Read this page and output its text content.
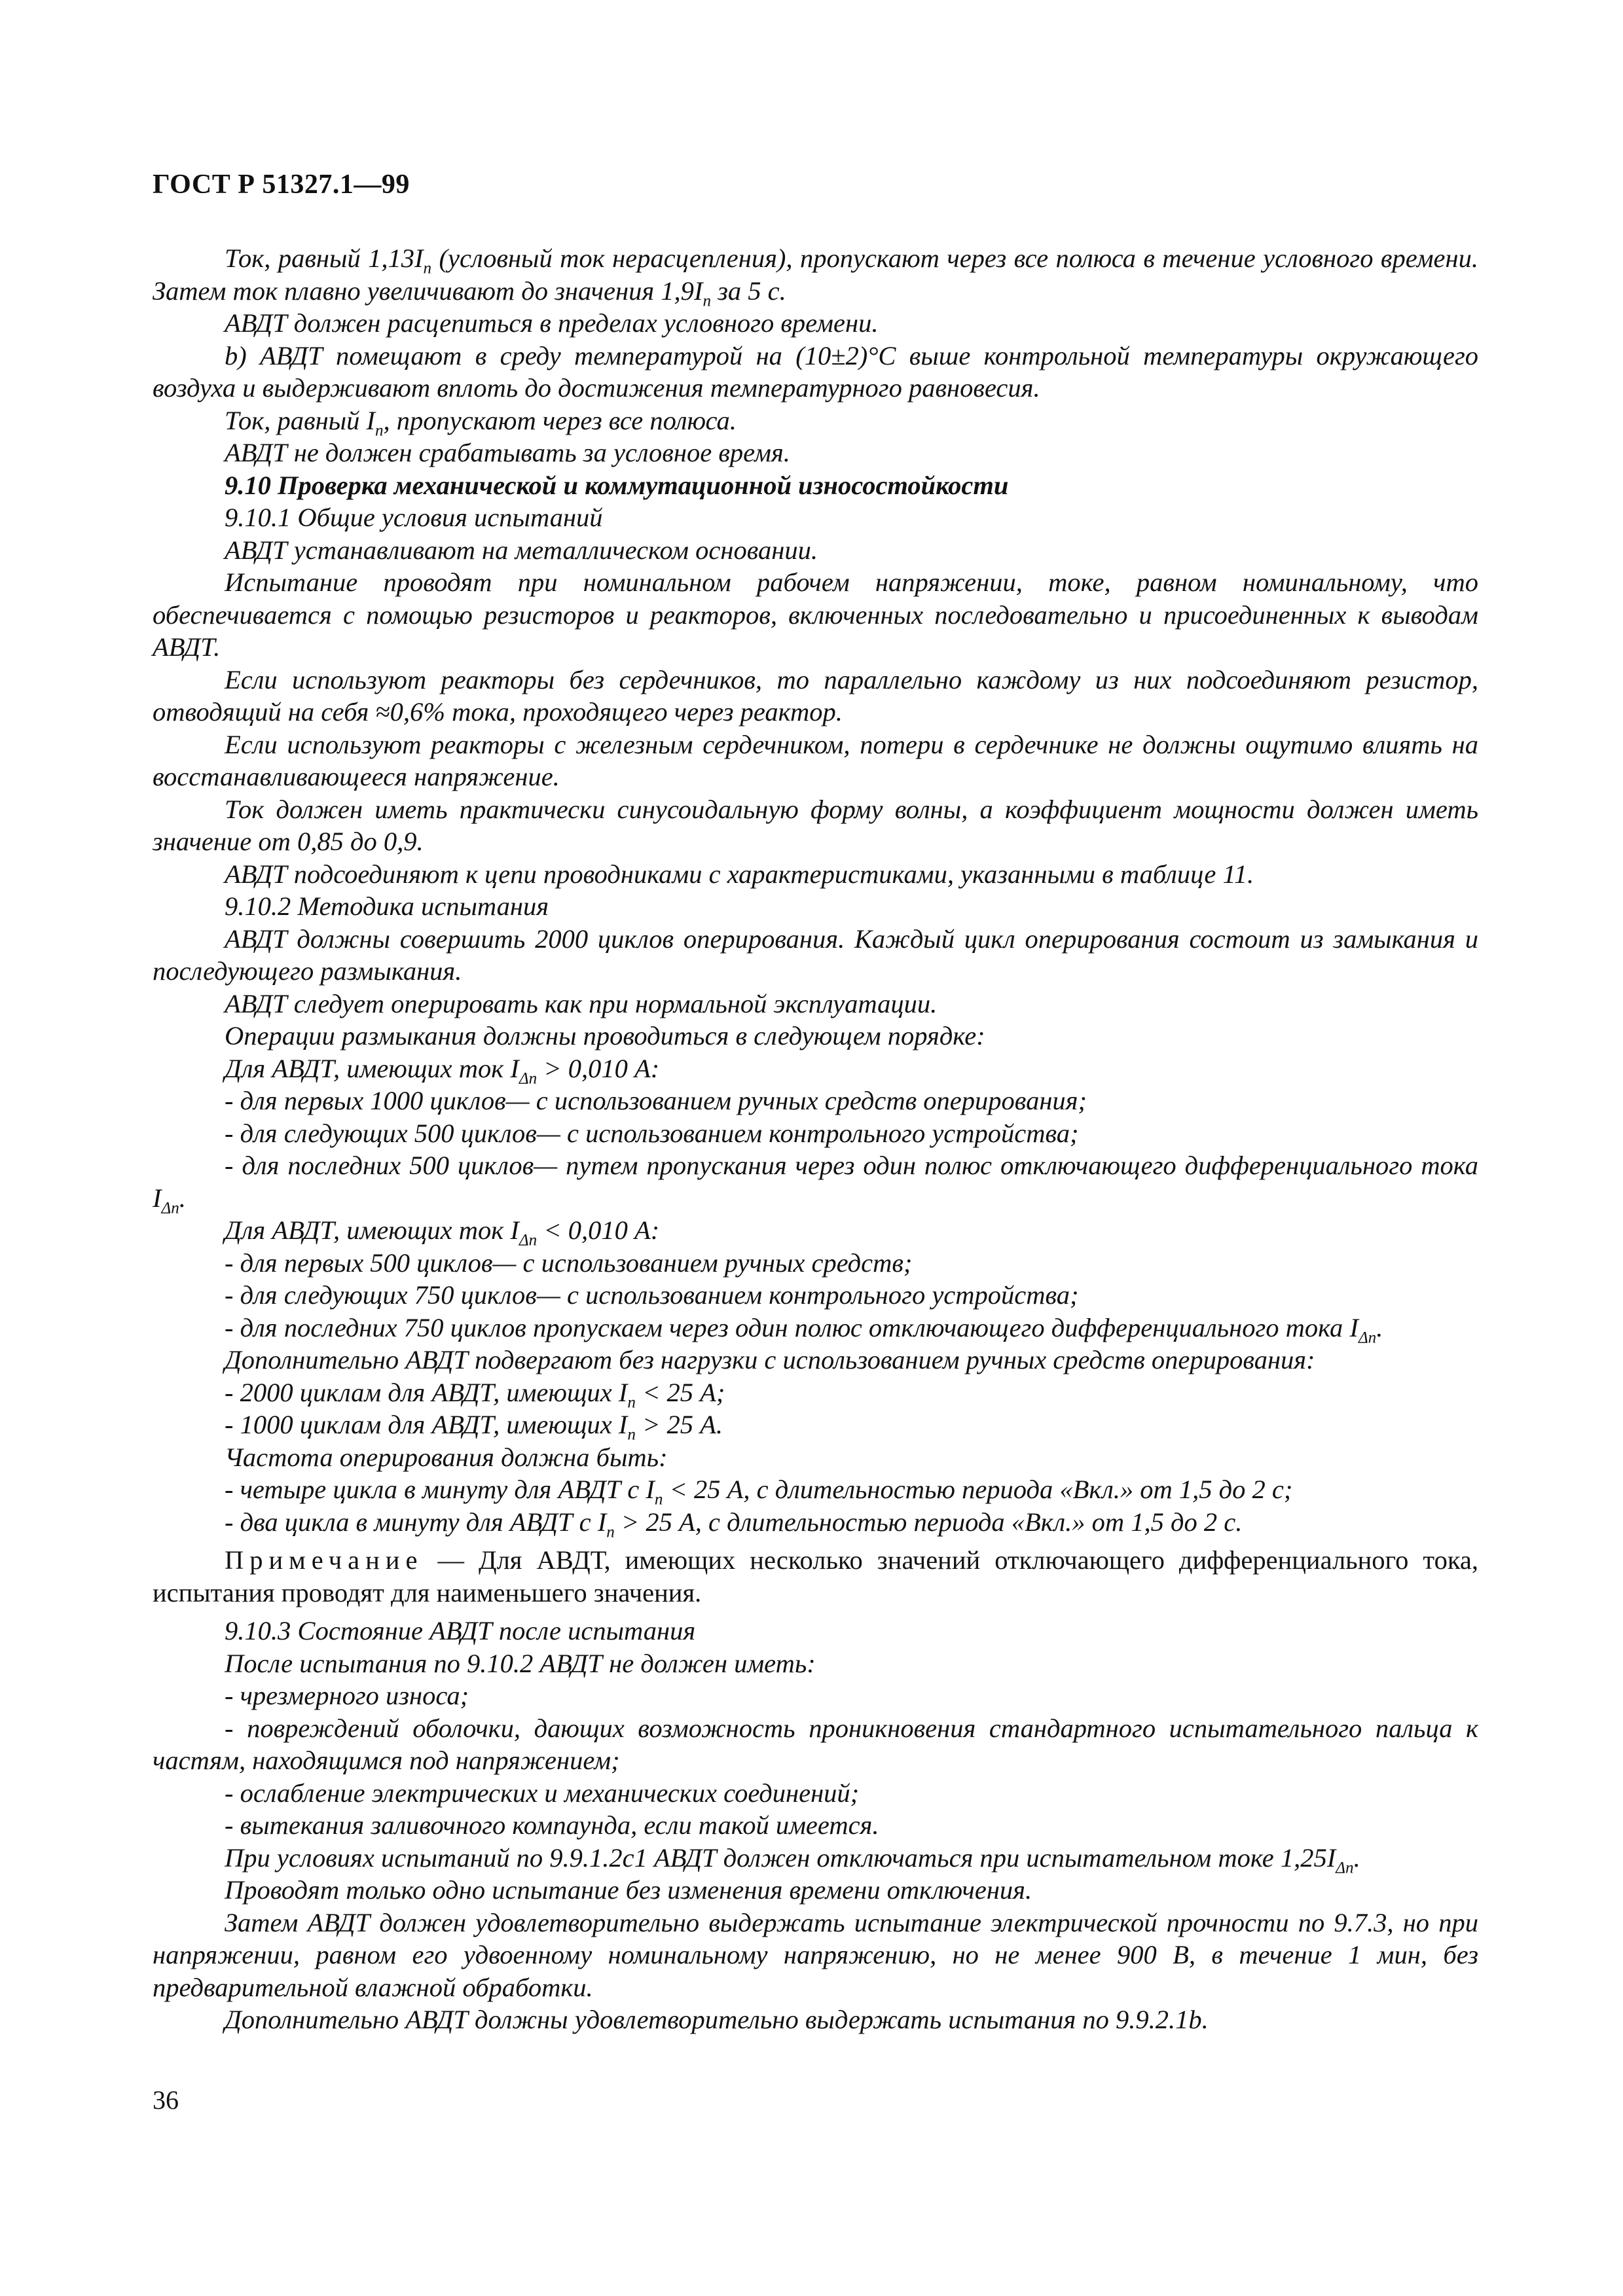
ГОСТ Р 51327.1—99

Ток, равный $1,13I_n$ (условный ток нерасцепления), пропускают через все полюса в течение условного времени. Затем ток плавно увеличивают до значения $1,9I_n$ за 5 с.

АВДТ должен расцепиться в пределах условного времени.

b) АВДТ помещают в среду температурой на (10±2)°С выше контрольной температуры окружающего воздуха и выдерживают вплоть до достижения температурного равновесия.

Ток, равный $I_n$, пропускают через все полюса.

АВДТ не должен срабатывать за условное время.

9.10 Проверка механической и коммутационной износостойкости

9.10.1 Общие условия испытаний

АВДТ устанавливают на металлическом основании.

Испытание проводят при номинальном рабочем напряжении, токе, равном номинальному, что обеспечивается с помощью резисторов и реакторов, включенных последовательно и присоединенных к выводам АВДТ.

Если используют реакторы без сердечников, то параллельно каждому из них подсоединяют резистор, отводящий на себя ≈0,6% тока, проходящего через реактор.

Если используют реакторы с железным сердечником, потери в сердечнике не должны ощутимо влиять на восстанавливающееся напряжение.

Ток должен иметь практически синусоидальную форму волны, а коэффициент мощности должен иметь значение от 0,85 до 0,9.

АВДТ подсоединяют к цепи проводниками с характеристиками, указанными в таблице 11.

9.10.2 Методика испытания

АВДТ должны совершить 2000 циклов оперирования. Каждый цикл оперирования состоит из замыкания и последующего размыкания.

АВДТ следует оперировать как при нормальной эксплуатации.

Операции размыкания должны проводиться в следующем порядке:

Для АВДТ, имеющих ток $I_{\Delta n} > 0,010$ А:

- для первых 1000 циклов— с использованием ручных средств оперирования;

- для следующих 500 циклов— с использованием контрольного устройства;

- для последних 500 циклов— путем пропускания через один полюс отключающего дифференциального тока $I_{\Delta n}$.

Для АВДТ, имеющих ток $I_{\Delta n} < 0,010$ А:

- для первых 500 циклов— с использованием ручных средств;

- для следующих 750 циклов— с использованием контрольного устройства;

- для последних 750 циклов пропускаем через один полюс отключающего дифференциального тока $I_{\Delta n}$.

Дополнительно АВДТ подвергают без нагрузки с использованием ручных средств оперирования:

- 2000 циклам для АВДТ, имеющих $I_n < 25$ А;

- 1000 циклам для АВДТ, имеющих $I_n > 25$ А.

Частота оперирования должна быть:

- четыре цикла в минуту для АВДТ с $I_n < 25$ А, с длительностью периода «Вкл.» от 1,5 до 2 с;

- два цикла в минуту для АВДТ с $I_n > 25$ А, с длительностью периода «Вкл.» от 1,5 до 2 с.

Примечание — Для АВДТ, имеющих несколько значений отключающего дифференциального тока, испытания проводят для наименьшего значения.

9.10.3 Состояние АВДТ после испытания

После испытания по 9.10.2 АВДТ не должен иметь:

- чрезмерного износа;

- повреждений оболочки, дающих возможность проникновения стандартного испытательного пальца к частям, находящимся под напряжением;

- ослабление электрических и механических соединений;

- вытекания заливочного компаунда, если такой имеется.

При условиях испытаний по 9.9.1.2c1 АВДТ должен отключаться при испытательном токе $1,25I_{\Delta n}$.

Проводят только одно испытание без изменения времени отключения.

Затем АВДТ должен удовлетворительно выдержать испытание электрической прочности по 9.7.3, но при напряжении, равном его удвоенному номинальному напряжению, но не менее 900 В, в течение 1 мин, без предварительной влажной обработки.

Дополнительно АВДТ должны удовлетворительно выдержать испытания по 9.9.2.1b.

36
